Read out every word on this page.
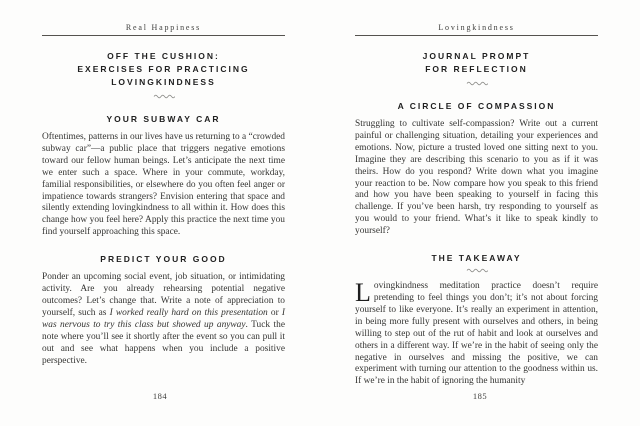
Real Happiness
OFF THE CUSHION:
EXERCISES FOR PRACTICING
LOVINGKINDNESS
YOUR SUBWAY CAR

Oftentimes, patterns in our lives have us returning to a “crowded subway car”—a public place that triggers negative emotions toward our fellow human beings. Let’s anticipate the next time we enter such a space. Where in your commute, workday, familial responsibilities, or elsewhere do you often feel anger or impatience towards strangers? Envision entering that space and silently extending lovingkindness to all within it. How does this change how you feel here? Apply this practice the next time you find yourself approaching this space.

PREDICT YOUR GOOD

Ponder an upcoming social event, job situation, or intimidating activity. Are you already rehearsing potential negative outcomes? Let’s change that. Write a note of appreciation to yourself, such as I worked really hard on this presentation or I was nervous to try this class but showed up anyway. Tuck the note where you’ll see it shortly after the event so you can pull it out and see what happens when you include a positive perspective.

184
Lovingkindness
JOURNAL PROMPT
FOR REFLECTION
A CIRCLE OF COMPASSION

Struggling to cultivate self-compassion? Write out a current painful or challenging situation, detailing your experiences and emotions. Now, picture a trusted loved one sitting next to you. Imagine they are describing this scenario to you as if it was theirs. How do you respond? Write down what you imagine your reaction to be. Now compare how you speak to this friend and how you have been speaking to yourself in facing this challenge. If you’ve been harsh, try responding to yourself as you would to your friend. What’s it like to speak kindly to yourself?

THE TAKEAWAY

Lovingkindness meditation practice doesn’t require pretending to feel things you don’t; it’s not about forcing yourself to like everyone. It’s really an experiment in attention, in being more fully present with ourselves and others, in being willing to step out of the rut of habit and look at ourselves and others in a different way. If we’re in the habit of seeing only the negative in ourselves and missing the positive, we can experiment with turning our attention to the goodness within us. If we’re in the habit of ignoring the humanity

185
